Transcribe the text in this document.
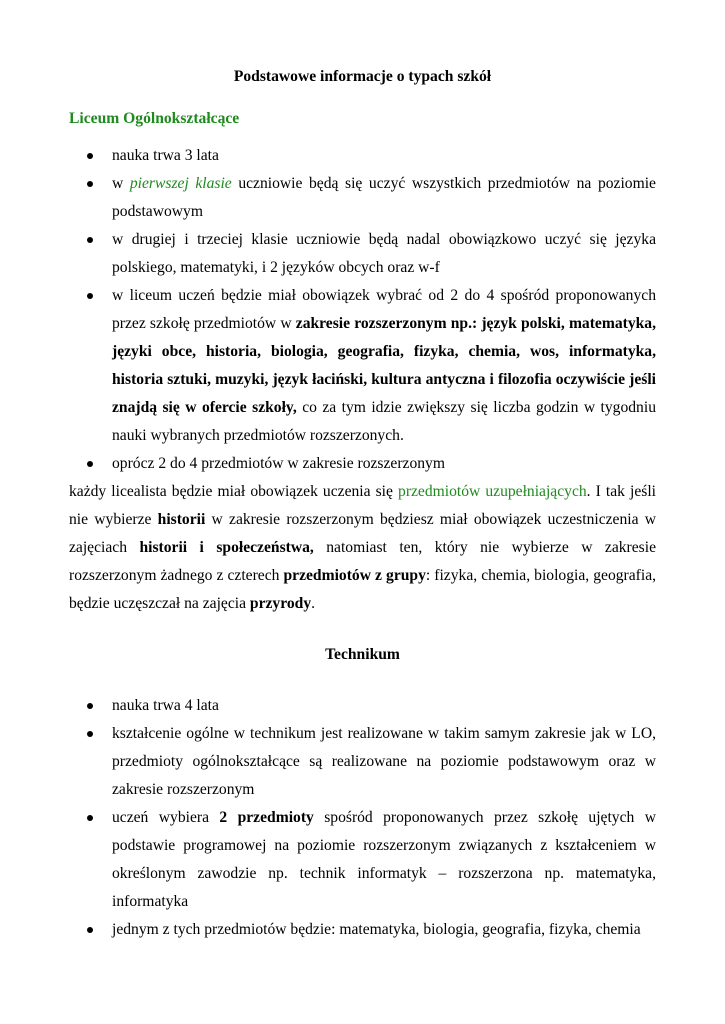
Podstawowe informacje o typach szkół
Liceum Ogólnokształcące
nauka trwa 3 lata
w pierwszej klasie uczniowie będą się uczyć wszystkich przedmiotów na poziomie podstawowym
w drugiej i trzeciej klasie uczniowie będą nadal obowiązkowo uczyć się języka polskiego, matematyki, i 2 języków obcych oraz w-f
w liceum uczeń będzie miał obowiązek wybrać od 2 do 4 spośród proponowanych przez szkołę przedmiotów w zakresie rozszerzonym np.: język polski, matematyka, języki obce, historia, biologia, geografia, fizyka, chemia, wos, informatyka, historia sztuki, muzyki, język łaciński, kultura antyczna i filozofia oczywiście jeśli znajdą się w ofercie szkoły, co za tym idzie zwiększy się liczba godzin w tygodniu nauki wybranych przedmiotów rozszerzonych.
oprócz 2 do 4 przedmiotów w zakresie rozszerzonym

każdy licealista będzie miał obowiązek uczenia się przedmiotów uzupełniających. I tak jeśli nie wybierze historii w zakresie rozszerzonym będziesz miał obowiązek uczestniczenia w zajęciach historii i społeczeństwa, natomiast ten, który nie wybierze w zakresie rozszerzonym żadnego z czterech przedmiotów z grupy: fizyka, chemia, biologia, geografia, będzie uczęszczał na zajęcia przyrody.

Technikum
nauka trwa 4 lata
kształcenie ogólne w technikum jest realizowane w takim samym zakresie jak w LO, przedmioty ogólnokształcące są realizowane na poziomie podstawowym oraz w zakresie rozszerzonym
uczeń wybiera 2 przedmioty spośród proponowanych przez szkołę ujętych w podstawie programowej na poziomie rozszerzonym związanych z kształceniem w określonym zawodzie np. technik informatyk – rozszerzona np. matematyka, informatyka
jednym z tych przedmiotów będzie: matematyka, biologia, geografia, fizyka, chemia
